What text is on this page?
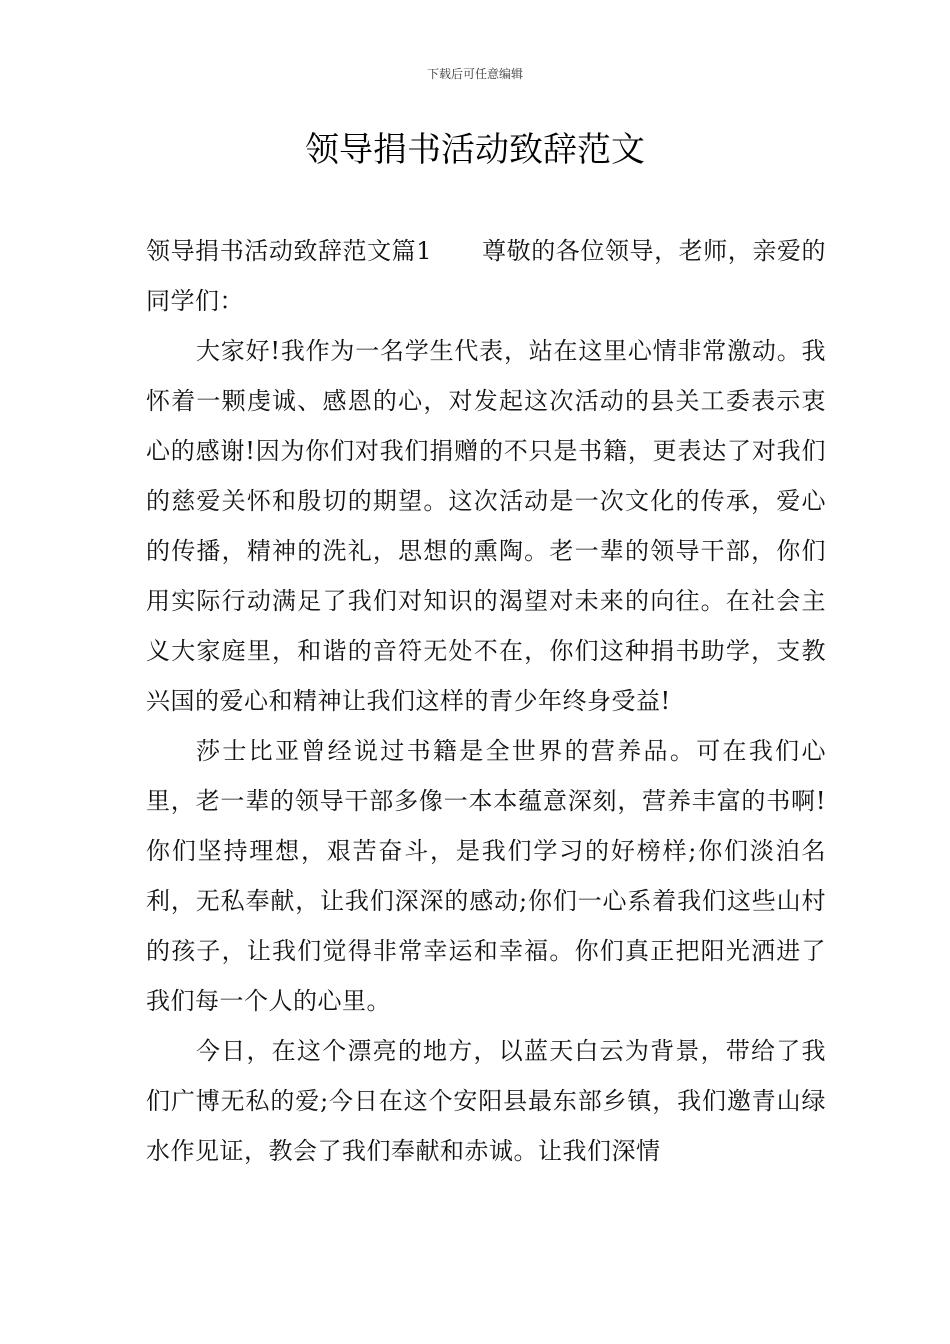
下载后可任意编辑
领导捐书活动致辞范文

领导捐书活动致辞范文篇1 尊敬的各位领导，老师，亲爱的同学们：

大家好!我作为一名学生代表，站在这里心情非常激动。我怀着一颗虔诚、感恩的心，对发起这次活动的县关工委表示衷心的感谢!因为你们对我们捐赠的不只是书籍，更表达了对我们的慈爱关怀和殷切的期望。这次活动是一次文化的传承，爱心的传播，精神的洗礼，思想的熏陶。老一辈的领导干部，你们用实际行动满足了我们对知识的渴望对未来的向往。在社会主义大家庭里，和谐的音符无处不在，你们这种捐书助学，支教兴国的爱心和精神让我们这样的青少年终身受益!

莎士比亚曾经说过书籍是全世界的营养品。可在我们心里，老一辈的领导干部多像一本本蕴意深刻，营养丰富的书啊!你们坚持理想，艰苦奋斗，是我们学习的好榜样;你们淡泊名利，无私奉献，让我们深深的感动;你们一心系着我们这些山村的孩子，让我们觉得非常幸运和幸福。你们真正把阳光洒进了我们每一个人的心里。

今日，在这个漂亮的地方，以蓝天白云为背景，带给了我们广博无私的爱;今日在这个安阳县最东部乡镇，我们邀青山绿水作见证，教会了我们奉献和赤诚。让我们深情
